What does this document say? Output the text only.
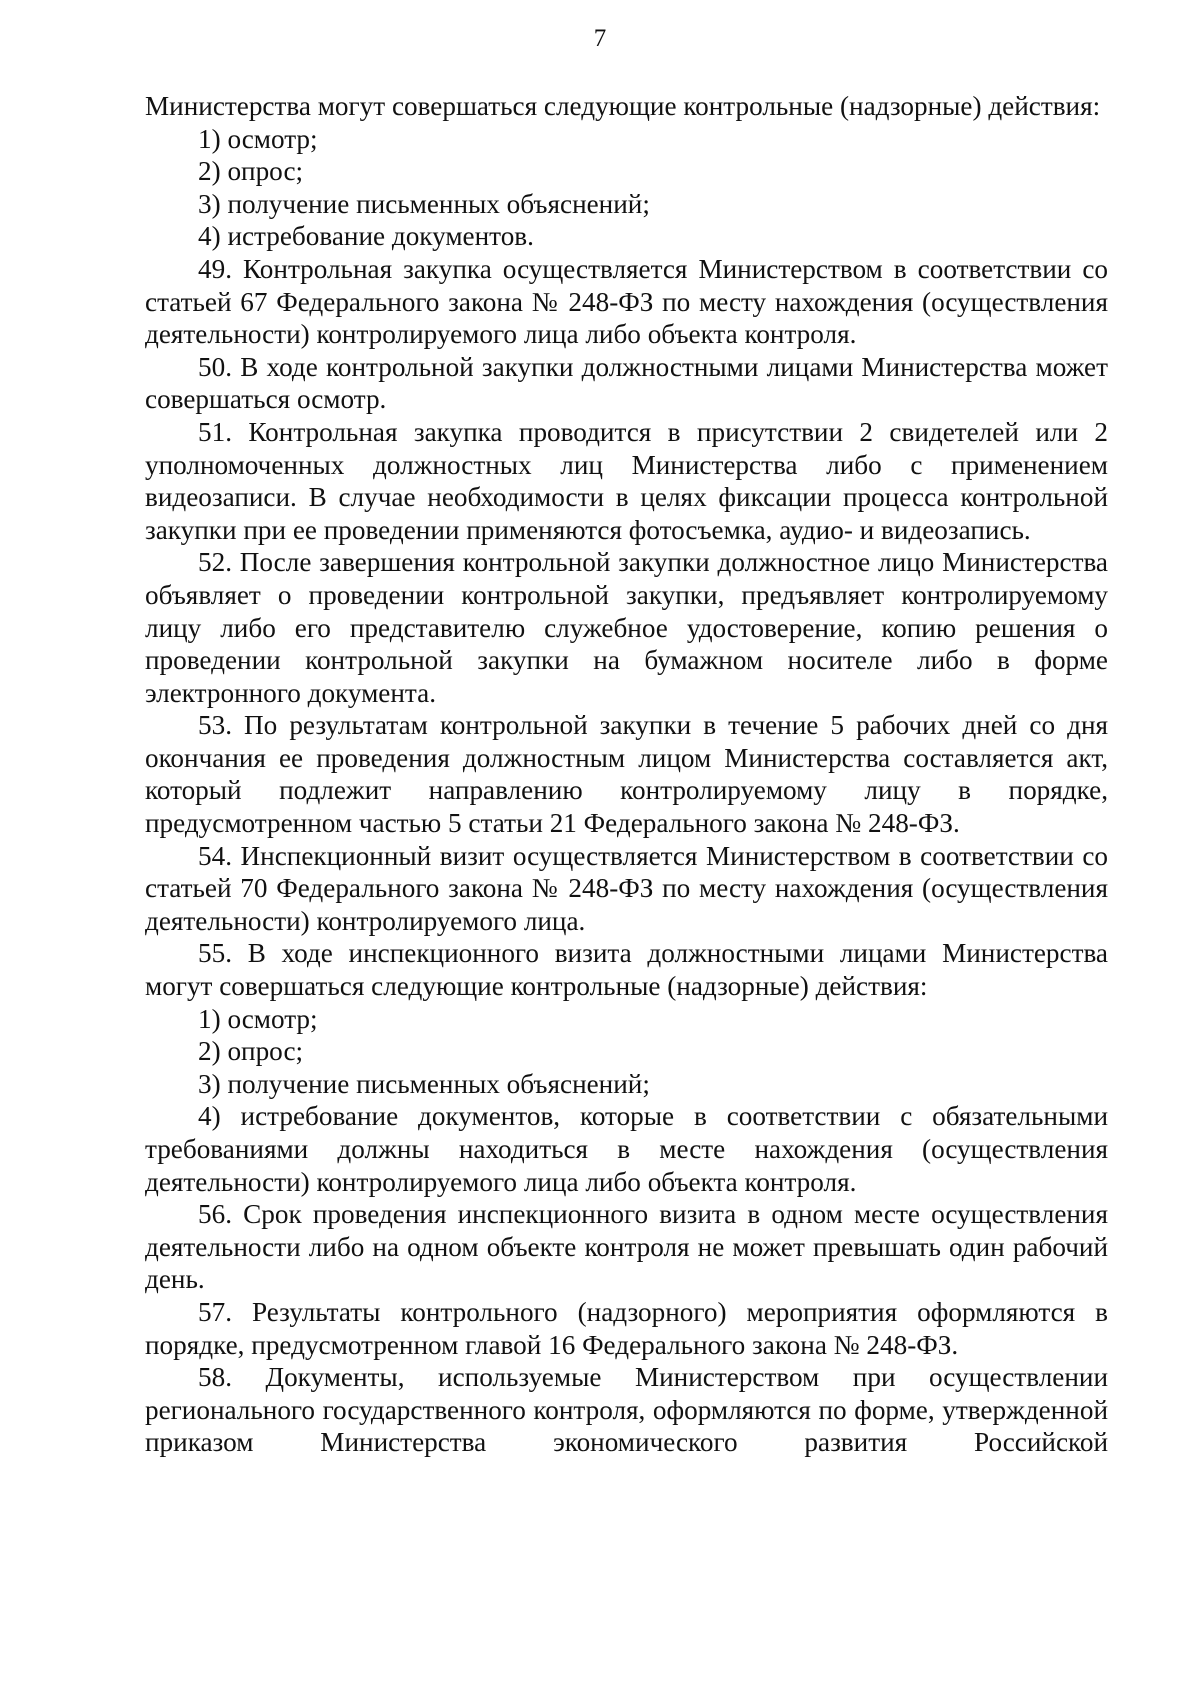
7

Министерства могут совершаться следующие контрольные (надзорные) действия:

1) осмотр;

2) опрос;

3) получение письменных объяснений;

4) истребование документов.

49. Контрольная закупка осуществляется Министерством в соответствии со статьей 67 Федерального закона № 248-ФЗ по месту нахождения (осуществления деятельности) контролируемого лица либо объекта контроля.

50. В ходе контрольной закупки должностными лицами Министерства может совершаться осмотр.

51. Контрольная закупка проводится в присутствии 2 свидетелей или 2 уполномоченных должностных лиц Министерства либо с применением видеозаписи. В случае необходимости в целях фиксации процесса контрольной закупки при ее проведении применяются фотосъемка, аудио- и видеозапись.

52. После завершения контрольной закупки должностное лицо Министерства объявляет о проведении контрольной закупки, предъявляет контролируемому лицу либо его представителю служебное удостоверение, копию решения о проведении контрольной закупки на бумажном носителе либо в форме электронного документа.

53. По результатам контрольной закупки в течение 5 рабочих дней со дня окончания ее проведения должностным лицом Министерства составляется акт, который подлежит направлению контролируемому лицу в порядке, предусмотренном частью 5 статьи 21 Федерального закона № 248-ФЗ.

54. Инспекционный визит осуществляется Министерством в соответствии со статьей 70 Федерального закона № 248-ФЗ по месту нахождения (осуществления деятельности) контролируемого лица.

55. В ходе инспекционного визита должностными лицами Министерства могут совершаться следующие контрольные (надзорные) действия:

1) осмотр;

2) опрос;

3) получение письменных объяснений;

4) истребование документов, которые в соответствии с обязательными требованиями должны находиться в месте нахождения (осуществления деятельности) контролируемого лица либо объекта контроля.

56. Срок проведения инспекционного визита в одном месте осуществления деятельности либо на одном объекте контроля не может превышать один рабочий день.

57. Результаты контрольного (надзорного) мероприятия оформляются в порядке, предусмотренном главой 16 Федерального закона № 248-ФЗ.

58. Документы, используемые Министерством при осуществлении регионального государственного контроля, оформляются по форме, утвержденной приказом Министерства экономического развития Российской
